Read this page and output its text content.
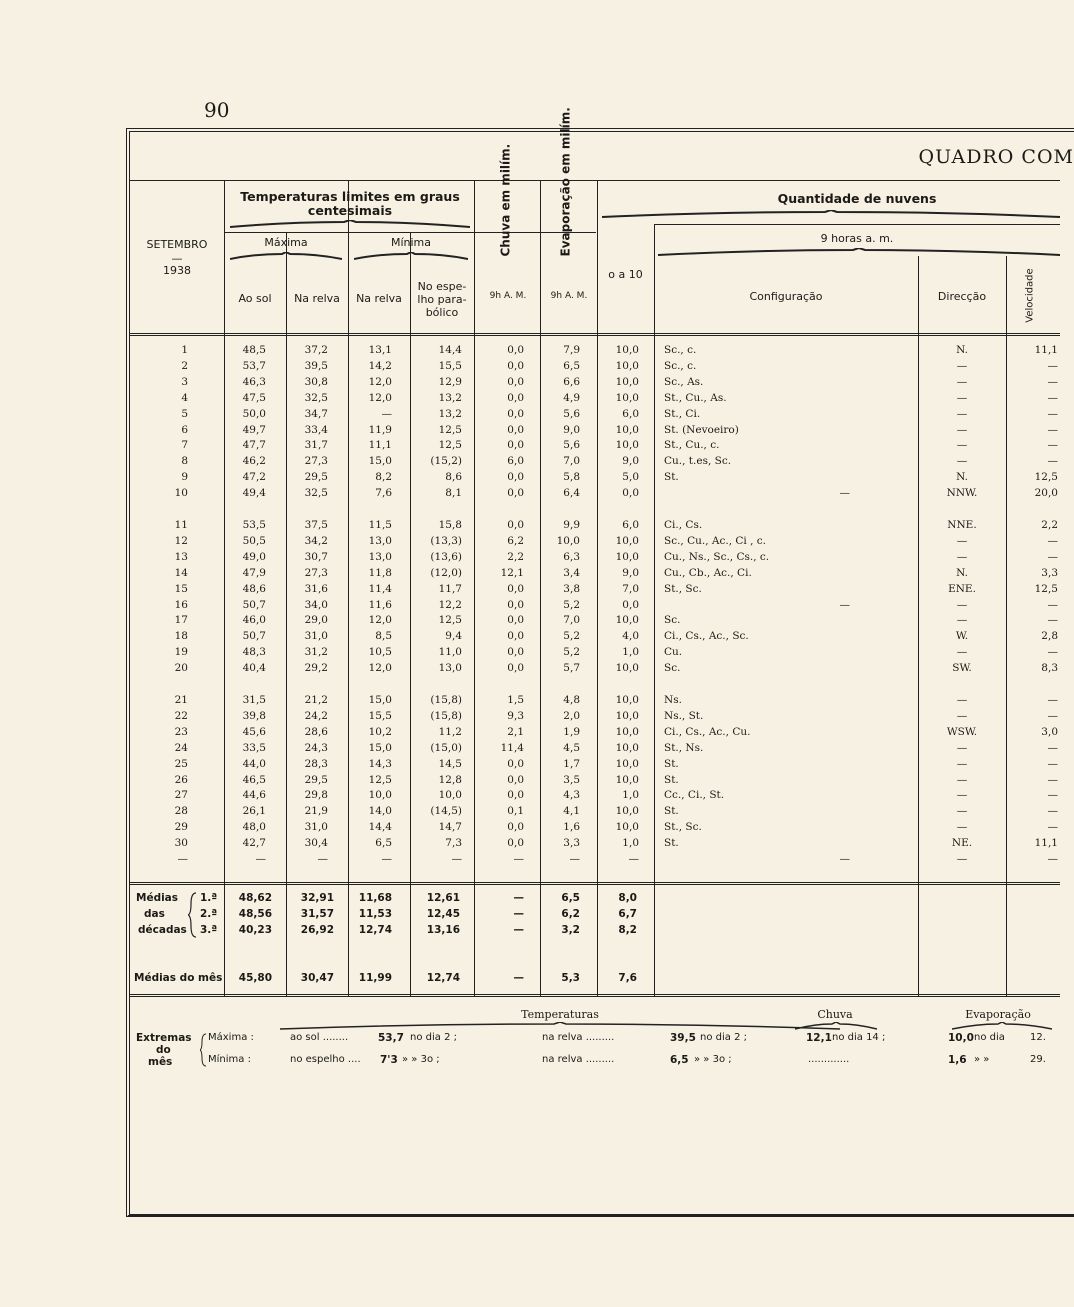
90
QUADRO COM
SETEMBRO
—
1938
Temperaturas limites em graus centesimais
Máxima	Mínima
Ao sol	Na relva	Na relva
No espe-lho para-bólico
Chuva em milím.	Evaporação em milím.
9h A. M.	9h A. M.
o a 10
Quantidade de nuvens
9 horas a. m.
Configuração	Direcção	Velocidade
1	48,5	37,2	13,1	14,4	0,0	7,9	10,0 Sc., c.	N.	11,1
2	53,7	39,5	14,2	15,5	0,0	6,5	10,0 Sc., c.	—	—
3	46,3	30,8	12,0	12,9	0,0	6,6	10,0 Sc., As.	—	—
4	47,5	32,5	12,0	13,2	0,0	4,9	10,0 St., Cu., As.	—	—
5	50,0	34,7	—	13,2	0,0	5,6	6,0 St., Ci.	—	—
6	49,7	33,4	11,9	12,5	0,0	9,0	10,0 St. (Nevoeiro)	—	—
7	47,7	31,7	11,1	12,5	0,0	5,6	10,0 St., Cu., c.	—	—
8	46,2	27,3	15,0	(15,2)	6,0	7,0	9,0 Cu., t.es, Sc.	—	—
9	47,2	29,5	8,2	8,6	0,0	5,8	5,0 St.	N.	12,5
10	49,4	32,5	7,6	8,1	0,0	6,4	0,0	—	NNW.	20,0
11	53,5	37,5	11,5	15,8	0,0	9,9	6,0 Ci., Cs.	NNE.	2,2
12	50,5	34,2	13,0	(13,3)	6,2	10,0	10,0 Sc., Cu., Ac., Ci , c.	—	—
13	49,0	30,7	13,0	(13,6)	2,2	6,3	10,0 Cu., Ns., Sc., Cs., c.	—	—
14	47,9	27,3	11,8	(12,0)	12,1	3,4	9,0 Cu., Cb., Ac., Ci.	N.	3,3
15	48,6	31,6	11,4	11,7	0,0	3,8	7,0 St., Sc.	ENE.	12,5
16	50,7	34,0	11,6	12,2	0,0	5,2	0,0	—	—	—
17	46,0	29,0	12,0	12,5	0,0	7,0	10,0 Sc.	—	—
18	50,7	31,0	8,5	9,4	0,0	5,2	4,0 Ci., Cs., Ac., Sc.	W.	2,8
19	48,3	31,2	10,5	11,0	0,0	5,2	1,0 Cu.	—	—
20	40,4	29,2	12,0	13,0	0,0	5,7	10,0 Sc.	SW.	8,3
21	31,5	21,2	15,0	(15,8)	1,5	4,8	10,0 Ns.	—	—
22	39,8	24,2	15,5	(15,8)	9,3	2,0	10,0 Ns., St.	—	—
23	45,6	28,6	10,2	11,2	2,1	1,9	10,0 Ci., Cs., Ac., Cu.	WSW.	3,0
24	33,5	24,3	15,0	(15,0)	11,4	4,5	10,0 St., Ns.	—	—
25	44,0	28,3	14,3	14,5	0,0	1,7	10,0 St.	—	—
26	46,5	29,5	12,5	12,8	0,0	3,5	10,0 St.	—	—
27	44,6	29,8	10,0	10,0	0,0	4,3	1,0 Cc., Ci., St.	—	—
28	26,1	21,9	14,0	(14,5)	0,1	4,1	10,0 St.	—	—
29	48,0	31,0	14,4	14,7	0,0	1,6	10,0 St., Sc.	—	—
30	42,7	30,4	6,5	7,3	0,0	3,3	1,0 St.	NE.	11,1
—	—	—	—	—	—	—	—	—	—	—
Médias
das
décadas
1.ª	48,62	32,91	11,68	12,61	—	6,5	8,0
2.ª	48,56	31,57	11,53	12,45	—	6,2	6,7
3.ª	40,23	26,92	12,74	13,16	—	3,2	8,2
Médias do mês	45,80	30,47	11,99	12,74	—	5,3	7,6
Temperaturas	Chuva	Evaporação
Extremas
do
mês
Máxima :
Mínima :
ao sol ........	53,7 no dia 2 ;	na relva .........	39,5 no dia 2 ;	12,1 no dia 14 ;	10,0 no dia	12.
no espelho .... 7'3 » » 3o ;	na relva .........	6,5 » » 3o ;	.............	1,6 » »	29.
